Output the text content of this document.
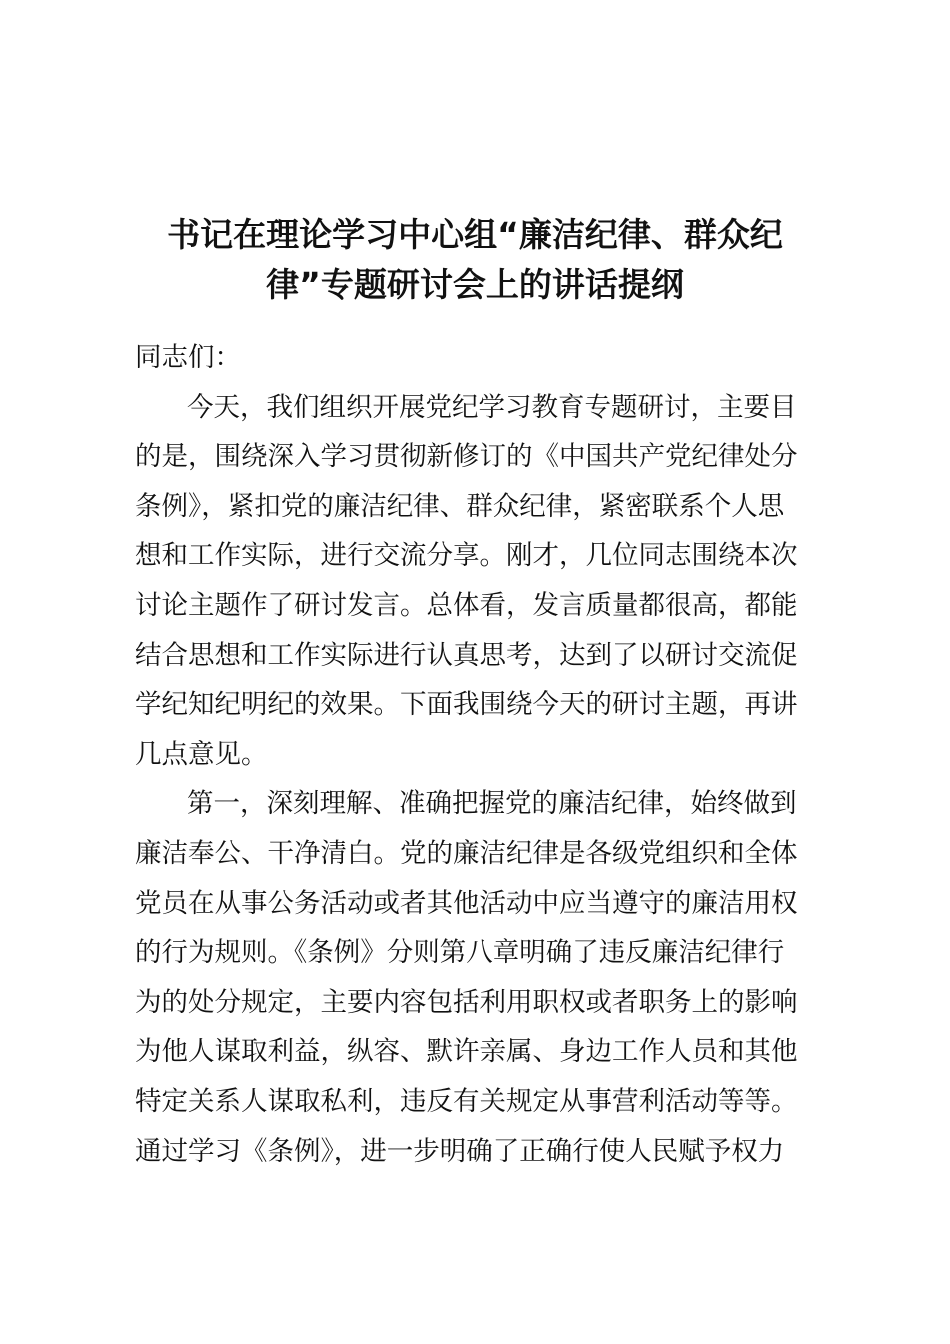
书记在理论学习中心组“廉洁纪律、群众纪
律”专题研讨会上的讲话提纲
同志们：
今天，我们组织开展党纪学习教育专题研讨，主要目
的是，围绕深入学习贯彻新修订的《中国共产党纪律处分
条例》，紧扣党的廉洁纪律、群众纪律，紧密联系个人思
想和工作实际，进行交流分享。刚才，几位同志围绕本次
讨论主题作了研讨发言。总体看，发言质量都很高，都能
结合思想和工作实际进行认真思考，达到了以研讨交流促
学纪知纪明纪的效果。下面我围绕今天的研讨主题，再讲
几点意见。
第一，深刻理解、准确把握党的廉洁纪律，始终做到
廉洁奉公、干净清白。党的廉洁纪律是各级党组织和全体
党员在从事公务活动或者其他活动中应当遵守的廉洁用权
的行为规则。《条例》分则第八章明确了违反廉洁纪律行
为的处分规定，主要内容包括利用职权或者职务上的影响
为他人谋取利益，纵容、默许亲属、身边工作人员和其他
特定关系人谋取私利，违反有关规定从事营利活动等等。
通过学习《条例》，进一步明确了正确行使人民赋予权力
